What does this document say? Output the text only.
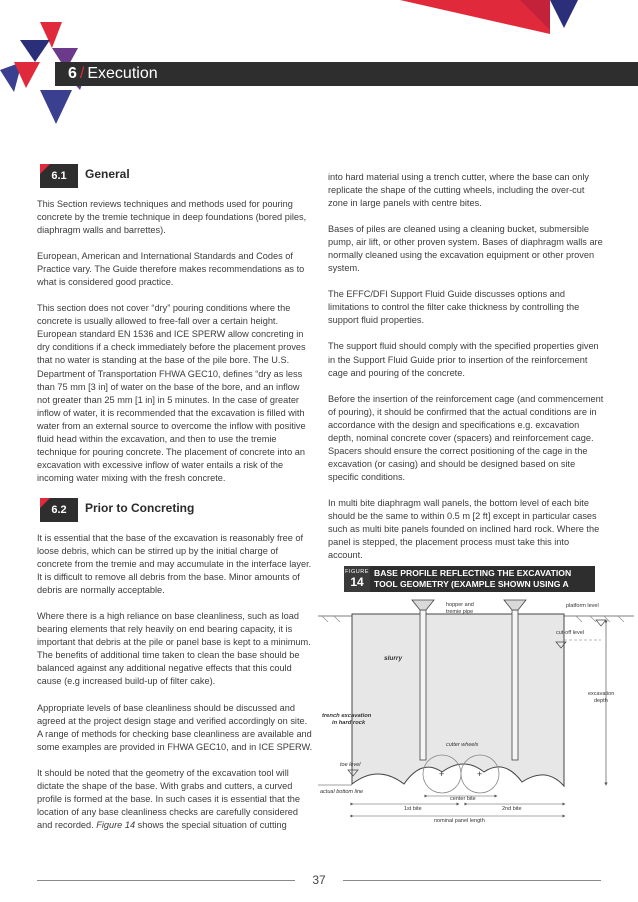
6 / Execution
6.1	General

This Section reviews techniques and methods used for pouring concrete by the tremie technique in deep foundations (bored piles, diaphragm walls and barrettes).

European, American and International Standards and Codes of Practice vary. The Guide therefore makes recommendations as to what is considered good practice.

This section does not cover “dry” pouring conditions where the concrete is usually allowed to free-fall over a certain height. European standard EN 1536 and ICE SPERW allow concreting in dry conditions if a check immediately before the placement proves that no water is standing at the base of the pile bore. The U.S. Department of Transportation FHWA GEC10, defines “dry as less than 75 mm [3 in] of water on the base of the bore, and an inflow not greater than 25 mm [1 in] in 5 minutes. In the case of greater inflow of water, it is recommended that the excavation is filled with water from an external source to overcome the inflow with positive fluid head within the excavation, and then to use the tremie technique for pouring concrete. The placement of concrete into an excavation with excessive inflow of water entails a risk of the incoming water mixing with the fresh concrete.

6.2	Prior to Concreting

It is essential that the base of the excavation is reasonably free of loose debris, which can be stirred up by the initial charge of concrete from the tremie and may accumulate in the interface layer. It is difficult to remove all debris from the base. Minor amounts of debris are normally acceptable.

Where there is a high reliance on base cleanliness, such as load bearing elements that rely heavily on end bearing capacity, it is important that debris at the pile or panel base is kept to a minimum. The benefits of additional time taken to clean the base should be balanced against any additional negative effects that this could cause (e.g increased build-up of filter cake).

Appropriate levels of base cleanliness should be discussed and agreed at the project design stage and verified accordingly on site. A range of methods for checking base cleanliness are available and some examples are provided in FHWA GEC10, and in ICE SPERW.

It should be noted that the geometry of the excavation tool will dictate the shape of the base. With grabs and cutters, a curved profile is formed at the base. In such cases it is essential that the location of any base cleanliness checks are carefully considered and recorded. Figure 14 shows the special situation of cutting

into hard material using a trench cutter, where the base can only replicate the shape of the cutting wheels, including the over-cut zone in large panels with centre bites.

Bases of piles are cleaned using a cleaning bucket, submersible pump, air lift, or other proven system. Bases of diaphragm walls are normally cleaned using the excavation equipment or other proven system.

The EFFC/DFI Support Fluid Guide discusses options and limitations to control the filter cake thickness by controlling the support fluid properties.

The support fluid should comply with the specified properties given in the Support Fluid Guide prior to insertion of the reinforcement cage and pouring of the concrete.

Before the insertion of the reinforcement cage (and commencement of pouring), it should be confirmed that the actual conditions are in accordance with the design and specifications e.g. excavation depth, nominal concrete cover (spacers) and reinforcement cage. Spacers should ensure the correct positioning of the cage in the excavation (or casing) and should be designed based on site specific conditions.

In multi bite diaphragm wall panels, the bottom level of each bite should be the same to within 0.5 m [2 ft] except in particular cases such as multi bite panels founded on inclined hard rock. Where the panel is stepped, the placement process must take this into account.

FIGURE
14
BASE PROFILE REFLECTING THE EXCAVATION TOOL GEOMETRY (EXAMPLE SHOWN USING A CUTTER)
+	+
hopper and
tremie pipe
platform level
cut-off level
slurry
excavation
depth
trench excavation
in hard rock
cutter wheels
toe level
actual bottom line
center bite
1st bite	2nd bite
nominal panel length
37
